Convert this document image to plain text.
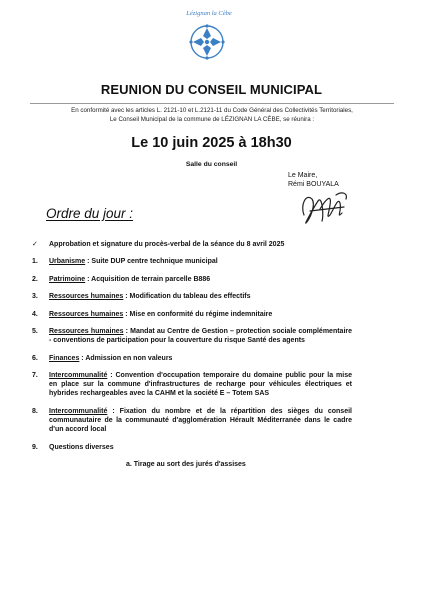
Lézignan la Cèbe
REUNION DU CONSEIL MUNICIPAL
En conformité avec les articles L. 2121-10 et L.2121-11 du Code Général des Collectivités Territoriales,
Le Conseil Municipal de la commune de LÉZIGNAN LA CÈBE, se réunira :
Le 10 juin 2025 à 18h30
Salle du conseil
Le Maire,
Rémi BOUYALA
Ordre du jour :
✓	Approbation et signature du procès-verbal de la séance du 8 avril 2025
1.	Urbanisme : Suite DUP centre technique municipal
2.	Patrimoine : Acquisition de terrain parcelle B886
3.	Ressources humaines : Modification du tableau des effectifs
4.	Ressources humaines : Mise en conformité du régime indemnitaire
5.	Ressources humaines : Mandat au Centre de Gestion – protection sociale complémentaire - conventions de participation pour la couverture du risque Santé des agents
6.	Finances : Admission en non valeurs
7.	Intercommunalité : Convention d'occupation temporaire du domaine public pour la mise en place sur la commune d'infrastructures de recharge pour véhicules électriques et hybrides rechargeables avec la CAHM et la société E – Totem SAS
8.	Intercommunalité : Fixation du nombre et de la répartition des sièges du conseil communautaire de la communauté d'agglomération Hérault Méditerranée dans le cadre d'un accord local
9.	Questions diverses
a. Tirage au sort des jurés d'assises
